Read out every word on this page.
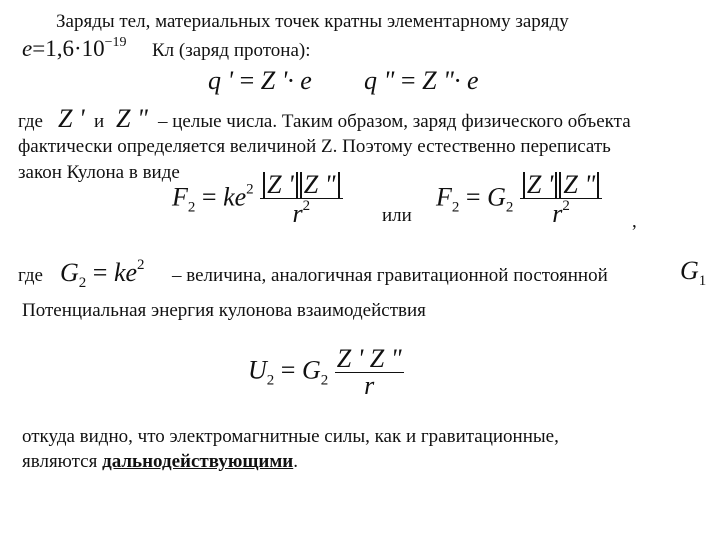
Заряды тел, материальных точек кратны элементарному заряду
$e=1,6\cdot 10^{-19}$ Кл (заряд протона):
q ' = Z '· e q " = Z "· e
где Z ' и Z " – целые числа. Таким образом, заряд физического объекта
фактически определяется величиной Z. Поэтому естественно переписать
закон Кулона в виде
$F_2 = ke^2 \frac{Z ' Z "}{r^2}$ или
$F_2 = G_2 \frac{Z ' Z "}{r^2}$ ,
где $G_2 = ke^2$ – величина, аналогичная гравитационной постоянной	$G_1$
Потенциальная энергия кулонова взаимодействия
$U_2 = G_2 \frac{Z ' Z "}{r}$
откуда видно, что электромагнитные силы, как и гравитационные,
являются дальнодействующими.
